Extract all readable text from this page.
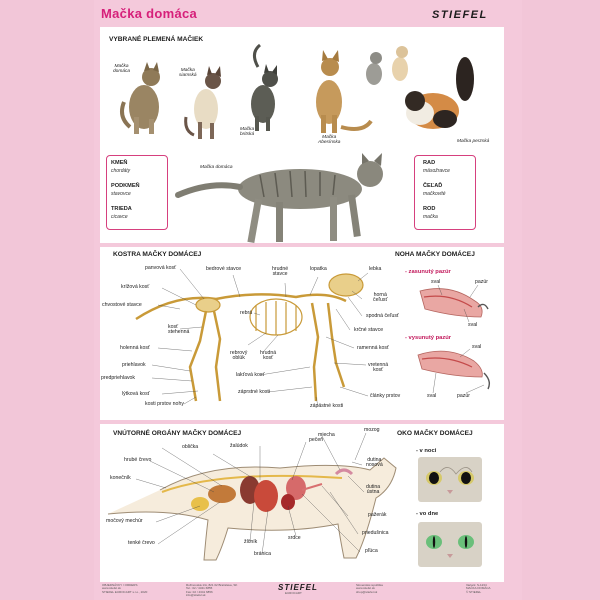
Mačka domáca	STIEFEL
VYBRANÉ PLEMENÁ MAČIEK
Mačka
domáca	Mačka
siamská
Mačka
britská
Mačka
Abesínska	Mačka perzská
Mačka domáca
KMEŇ
chordáty
PODKMEŇ
stavovce
TRIEDA
cicavce
RAD
mäsožravce
ČEĽAĎ
mačkovité
ROD
mačka
KOSTRA MAČKY DOMÁCEJ	NOHA MAČKY DOMÁCEJ
panvová kosť	bedrové stavce	hrudné
stavce
lopatka	lebka
krížová kosť
chvostové stavce
rebrá
horná
čeľusť
spodná čeľusť
kosť
stehenná	krčné stavce
holenná kosť
rebrový
oblúk
hrudná
kosť
ramenná kosť
priehlavok
predpriehlavok	lakťová kosť
vretenná
kosť
lýtková kosť	záprstné kosti
články prstov
kosti prstov nohy	zápästné kosti
- zasunutý pazúr
- vysunutý pazúr
sval	pazúr
sval
sval
sval	pazúr
VNÚTORNÉ ORGÁNY MAČKY DOMÁCEJ	OKO MAČKY DOMÁCEJ
pečeň
miecha
mozog
oblička	žalúdok
hrubé črevo	dutina
nosová
konečník
dutina
ústna
pažerák
močový mechúr
priedušnica
tenké črevo	žlčník
srdce
pľúca
bránica
- v noci
- vo dne
OBJEDNÁVKY / ORDERS
www.stiefel.sk
STIEFEL EUROCART s.r.o., 2020
Ružinovská 1/A, 821 02 Bratislava, SK
Tel.: 02 / 4341 6855
Fax: 02 / 4341 6856
info@stiefel.sk
STIEFEL
EUROCART
Slovenská republika
www.stiefel.sk
shop@stiefel.sk
Variant: S-1234
MAČKA DOMÁCA
© STIEFEL
